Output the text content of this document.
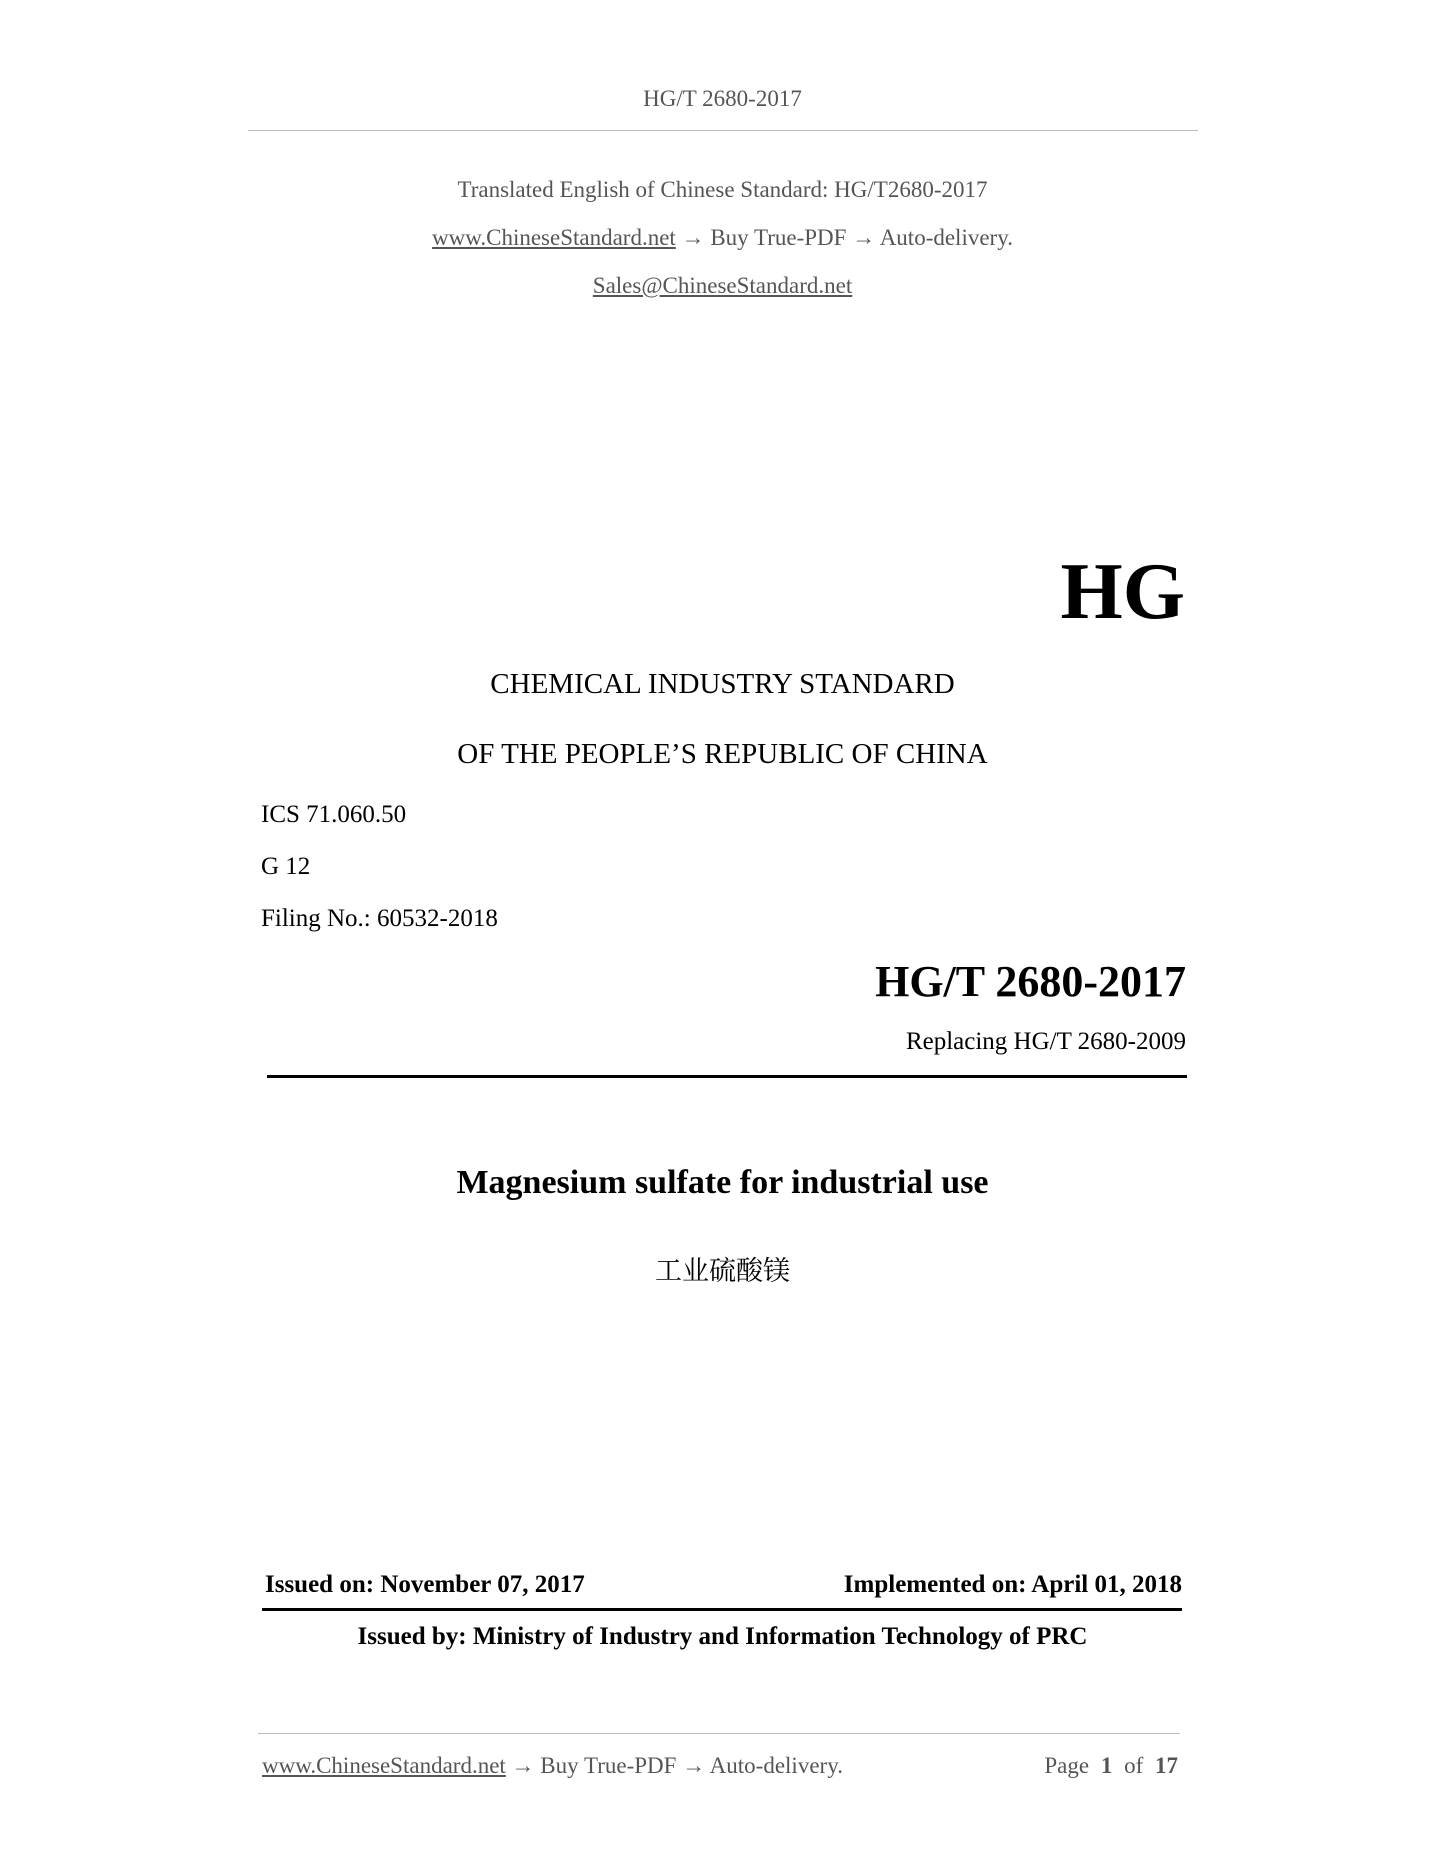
HG/T 2680-2017
Translated English of Chinese Standard: HG/T2680-2017
www.ChineseStandard.net → Buy True-PDF → Auto-delivery.
Sales@ChineseStandard.net
HG
CHEMICAL INDUSTRY STANDARD
OF THE PEOPLE’S REPUBLIC OF CHINA
ICS 71.060.50
G 12
Filing No.: 60532-2018
HG/T 2680-2017
Replacing HG/T 2680-2009
Magnesium sulfate for industrial use
工业硫酸镁
Issued on: November 07, 2017	Implemented on: April 01, 2018
Issued by: Ministry of Industry and Information Technology of PRC
www.ChineseStandard.net → Buy True-PDF → Auto-delivery.	Page 1 of 17
